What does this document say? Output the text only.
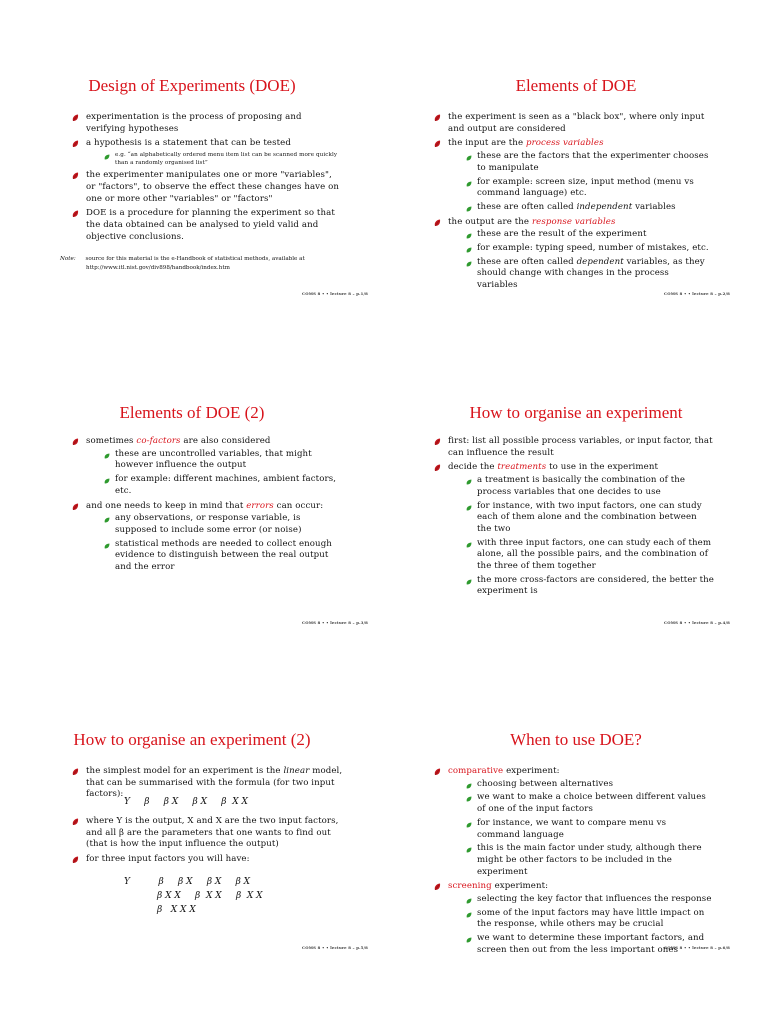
Design of Experiments (DOE)
experimentation is the process of proposing and verifying hypotheses
a hypothesis is a statement that can be tested
e.g. “an alphabetically ordered menu item list can be scanned more quickly than a randomly organised list”
the experimenter manipulates one or more "variables", or "factors", to observe the effect these changes have on one or more other "variables" or "factors"
DOE is a procedure for planning the experiment so that the data obtained can be analysed to yield valid and objective conclusions.
Note: source for this material is the e-Handbook of statistical methods, available at
http://www.itl.nist.gov/div898/handbook/index.htm
COMS 8 • • lecture 8 – p.1/8
Elements of DOE
the experiment is seen as a "black box", where only input and output are considered
the input are the process variables
these are the factors that the experimenter chooses to manipulate
for example: screen size, input method (menu vs command language) etc.
these are often called independent variables
the output are the response variables
these are the result of the experiment
for example: typing speed, number of mistakes, etc.
these are often called dependent variables, as they should change with changes in the process variables
COMS 8 • • lecture 8 – p.2/8
Elements of DOE (2)
sometimes co-factors are also considered
these are uncontrolled variables, that might however influence the output
for example: different machines, ambient factors, etc.
and one needs to keep in mind that errors can occur:
any observations, or response variable, is supposed to include some error (or noise)
statistical methods are needed to collect enough evidence to distinguish between the real output and the error
COMS 8 • • lecture 8 – p.3/8
How to organise an experiment
first: list all possible process variables, or input factor, that can influence the result
decide the treatments to use in the experiment
a treatment is basically the combination of the process variables that one decides to use
for instance, with two input factors, one can study each of them alone and the combination between the two
with three input factors, one can study each of them alone, all the possible pairs, and the combination of the three of them together
the more cross-factors are considered, the better the experiment is
COMS 8 • • lecture 8 – p.4/8
How to organise an experiment (2)
the simplest model for an experiment is the linear model, that can be summarised with the formula (for two input factors):
Y     β     β X     β X     β  X X
where Y is the output, X and X are the two input factors, and all β are the parameters that one wants to find out (that is how the input influence the output)
for three input factors you will have:
Y          β     β X     β X     β X
β X X     β  X X     β  X X
β   X X X
COMS 8 • • lecture 8 – p.5/8
When to use DOE?
comparative experiment:
choosing between alternatives
we want to make a choice between different values of one of the input factors
for instance, we want to compare menu vs command language
this is the main factor under study, although there might be other factors to be included in the experiment
screening experiment:
selecting the key factor that influences the response
some of the input factors may have little impact on the response, while others may be crucial
we want to determine these important factors, and screen then out from the less important ones
COMS 8 • • lecture 8 – p.6/8
